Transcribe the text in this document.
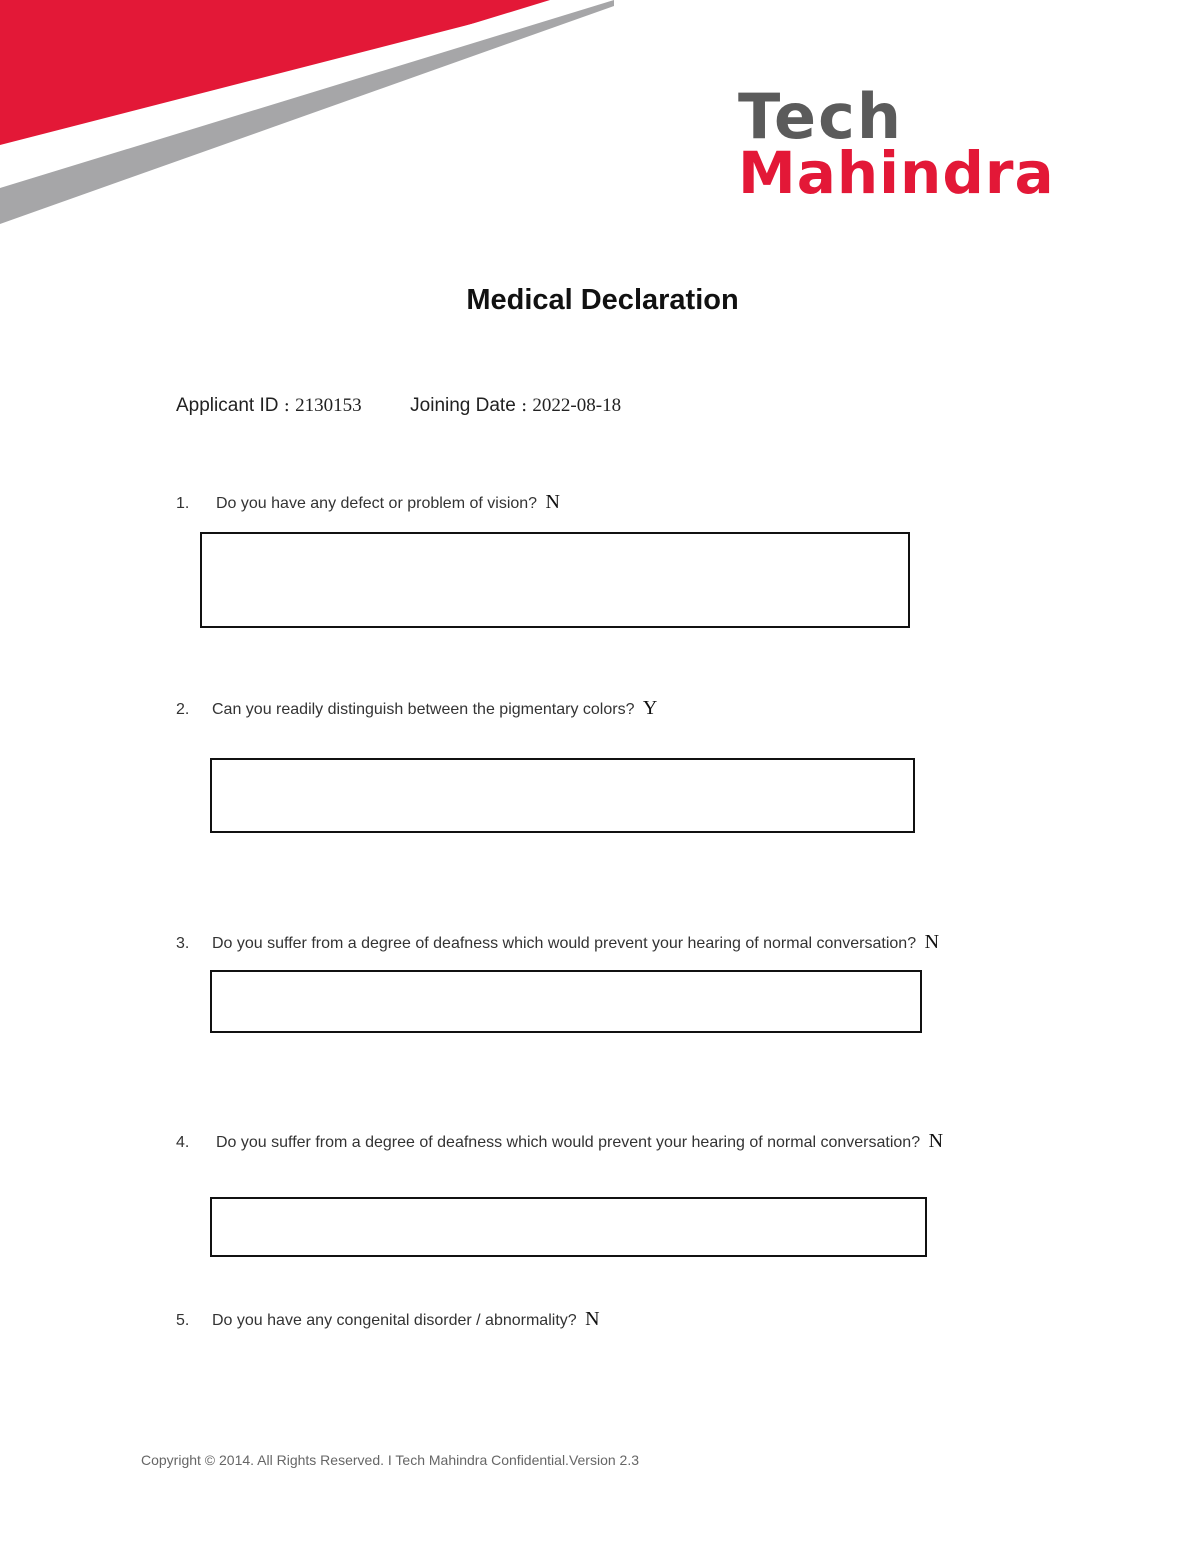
Tech
Mahindra
Medical Declaration
Applicant ID : 2130153	Joining Date : 2022-08-18
1. Do you have any defect or problem of vision? N
2. Can you readily distinguish between the pigmentary colors? Y
3. Do you suffer from a degree of deafness which would prevent your hearing of normal conversation? N
4. Do you suffer from a degree of deafness which would prevent your hearing of normal conversation? N
5. Do you have any congenital disorder / abnormality? N
Copyright © 2014. All Rights Reserved. I Tech Mahindra Confidential.Version 2.3
